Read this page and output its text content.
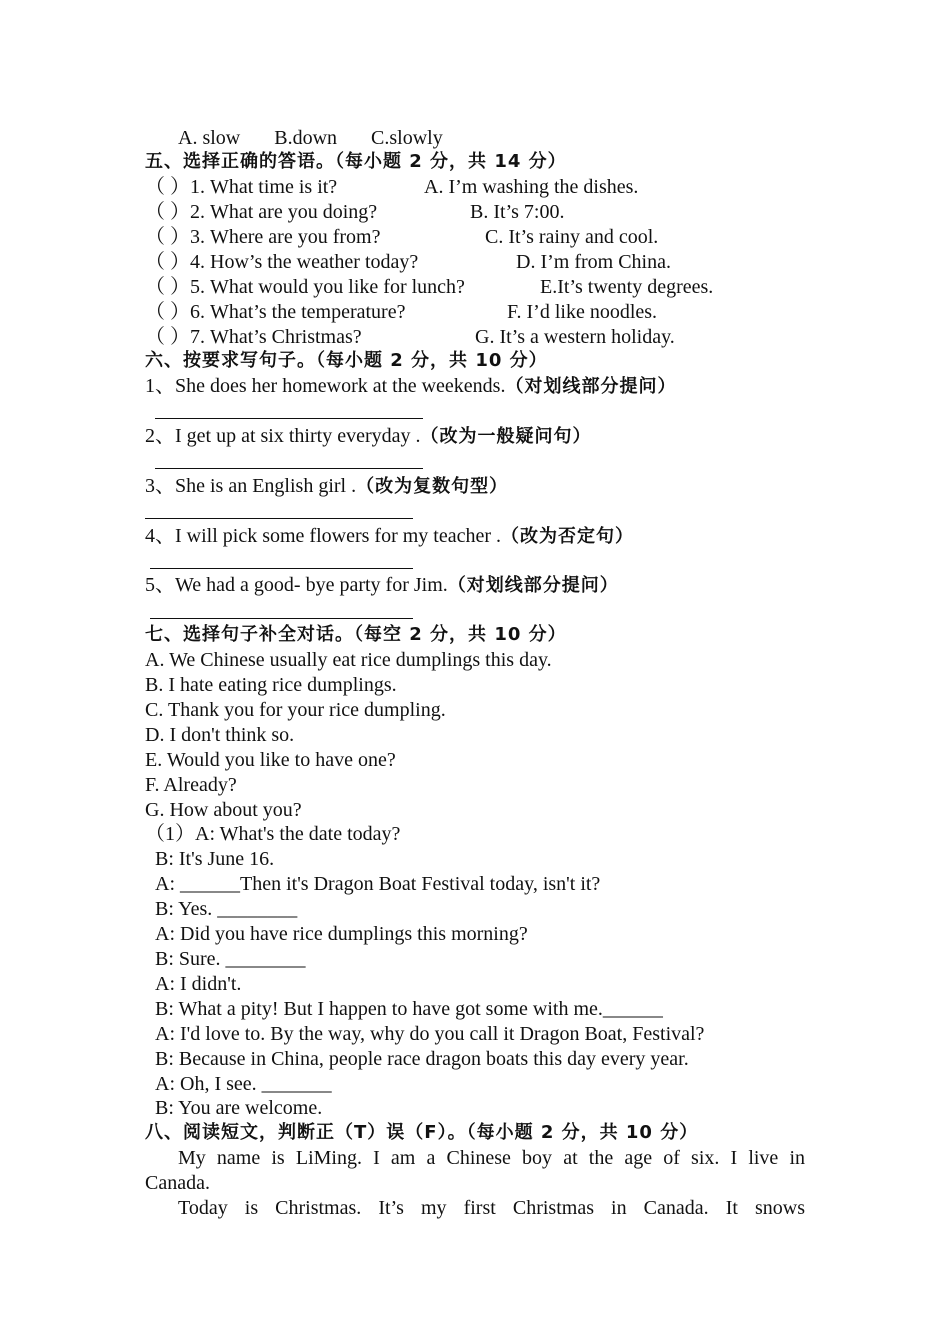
A. slow B.down C.slowly
五、选择正确的答语。（每小题 2 分，共 14 分）
（ ）1. What time is it?	A. I’m washing the dishes.
（ ）2. What are you doing?	B. It’s 7:00.
（ ）3. Where are you from?	C. It’s rainy and cool.
（ ）4. How’s the weather today?	D. I’m from China.
（ ）5. What would you like for lunch?	E.It’s twenty degrees.
（ ）6. What’s the temperature?	F. I’d like noodles.
（ ）7. What’s Christmas?	G. It’s a western holiday.
六、按要求写句子。（每小题 2 分，共 10 分）
1、She does her homework at the weekends.（对划线部分提问）
2、I get up at six thirty everyday .（改为一般疑问句）
3、She is an English girl .（改为复数句型）
4、I will pick some flowers for my teacher .（改为否定句）
5、We had a good- bye party for Jim.（对划线部分提问）
七、选择句子补全对话。（每空 2 分，共 10 分）
A. We Chinese usually eat rice dumplings this day.
B. I hate eating rice dumplings.
C. Thank you for your rice dumpling.
D. I don't think so.
E. Would you like to have one?
F. Already?
G. How about you?
（1）A: What's the date today?
B: It's June 16.
A: ______Then it's Dragon Boat Festival today, isn't it?
B: Yes. ________
A: Did you have rice dumplings this morning?
B: Sure. ________
A: I didn't.
B: What a pity! But I happen to have got some with me.______
A: I'd love to. By the way, why do you call it Dragon Boat, Festival?
B: Because in China, people race dragon boats this day every year.
A: Oh, I see. _______
B: You are welcome.
八、阅读短文，判断正（T）误（F）。（每小题 2 分，共 10 分）
My name is LiMing. I am a Chinese boy at the age of six. I live in
Canada.
Today is Christmas. It’s my first Christmas in Canada. It snows
